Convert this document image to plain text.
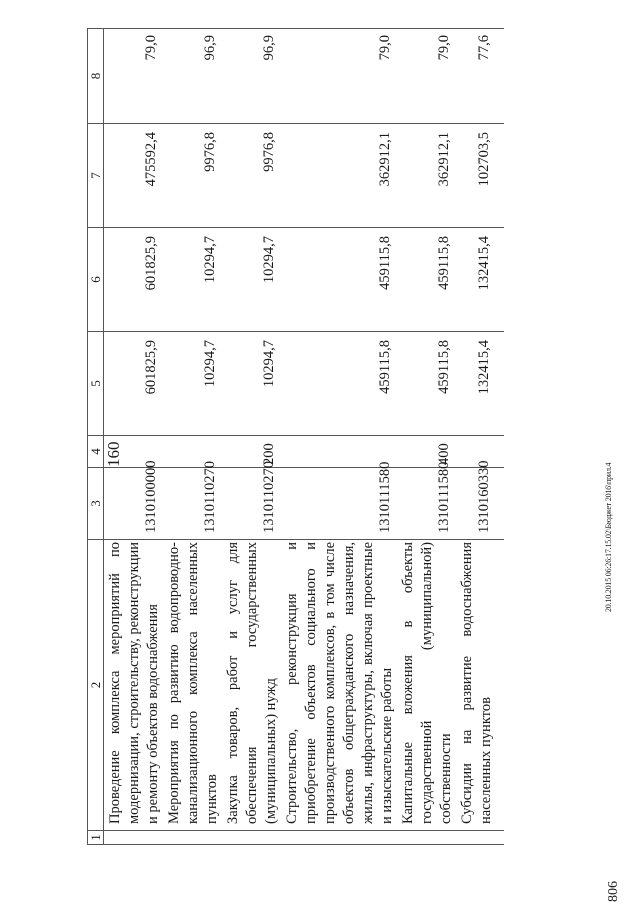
160
1	2	3	4	5	6	7	8
	Проведение комплекса мероприятий по модернизации, строительству, реконструкции и ремонту объектов водоснабжения	1310100000		601825,9	601825,9	475592,4	79,0
	Мероприятия по развитию водопроводно-канализационного комплекса населенных пунктов	1310110270		10294,7	10294,7	9976,8	96,9
	Закупка товаров, работ и услуг для обеспечения государственных (муниципальных) нужд	1310110270	200	10294,7	10294,7	9976,8	96,9
	Строительство, реконструкция и приобретение объектов социального и производственного комплексов, в том числе объектов общегражданского назначения, жилья, инфраструктуры, включая проектные и изыскательские работы	1310111580		459115,8	459115,8	362912,1	79,0
	Капитальные вложения в объекты государственной (муниципальной) собственности	1310111580	400	459115,8	459115,8	362912,1	79,0
	Субсидии на развитие водоснабжения населенных пунктов	1310160330		132415,4	132415,4	102703,5	77,6

806
20.10.2015 06:26:17.15.02\Бюджет 2016\прил.4
